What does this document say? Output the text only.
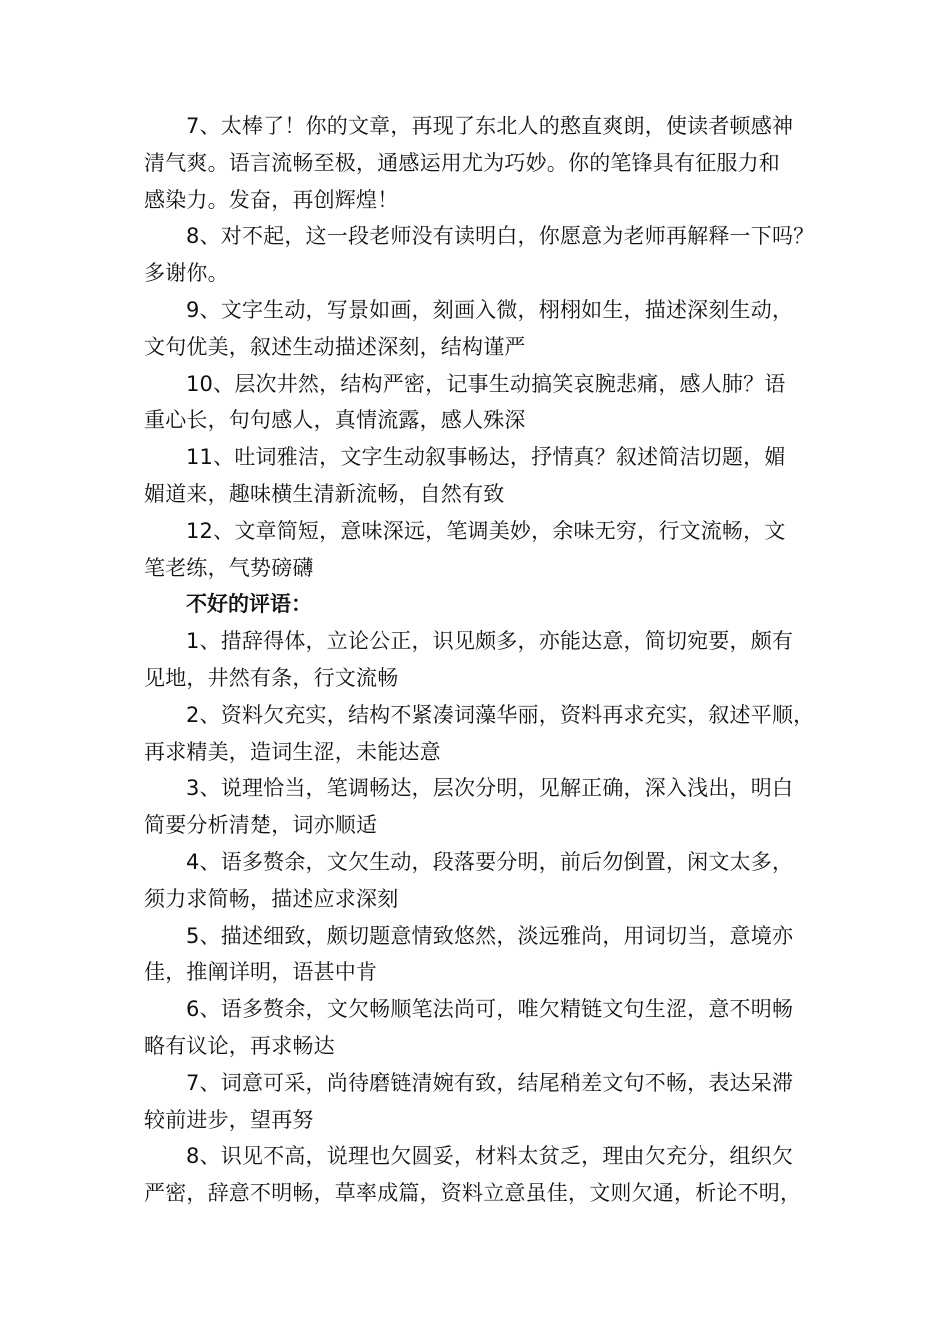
7、太棒了！你的文章，再现了东北人的憨直爽朗，使读者顿感神
清气爽。语言流畅至极，通感运用尤为巧妙。你的笔锋具有征服力和
感染力。发奋，再创辉煌！

8、对不起，这一段老师没有读明白，你愿意为老师再解释一下吗？
多谢你。

9、文字生动，写景如画，刻画入微，栩栩如生，描述深刻生动，
文句优美，叙述生动描述深刻，结构谨严

10、层次井然，结构严密，记事生动搞笑哀腕悲痛，感人肺？语
重心长，句句感人，真情流露，感人殊深

11、吐词雅洁，文字生动叙事畅达，抒情真？叙述简洁切题，媚
媚道来，趣味横生清新流畅，自然有致

12、文章简短，意味深远，笔调美妙，余味无穷，行文流畅，文
笔老练，气势磅礴

不好的评语：

1、措辞得体，立论公正，识见颇多，亦能达意，简切宛要，颇有
见地，井然有条，行文流畅

2、资料欠充实，结构不紧凑词藻华丽，资料再求充实，叙述平顺，
再求精美，造词生涩，未能达意

3、说理恰当，笔调畅达，层次分明，见解正确，深入浅出，明白
简要分析清楚，词亦顺适

4、语多赘余，文欠生动，段落要分明，前后勿倒置，闲文太多，
须力求简畅，描述应求深刻

5、描述细致，颇切题意情致悠然，淡远雅尚，用词切当，意境亦
佳，推阐详明，语甚中肯

6、语多赘余，文欠畅顺笔法尚可，唯欠精链文句生涩，意不明畅
略有议论，再求畅达

7、词意可采，尚待磨链清婉有致，结尾稍差文句不畅，表达呆滞
较前进步，望再努

8、识见不高，说理也欠圆妥，材料太贫乏，理由欠充分，组织欠
严密，辞意不明畅，草率成篇，资料立意虽佳，文则欠通，析论不明，
